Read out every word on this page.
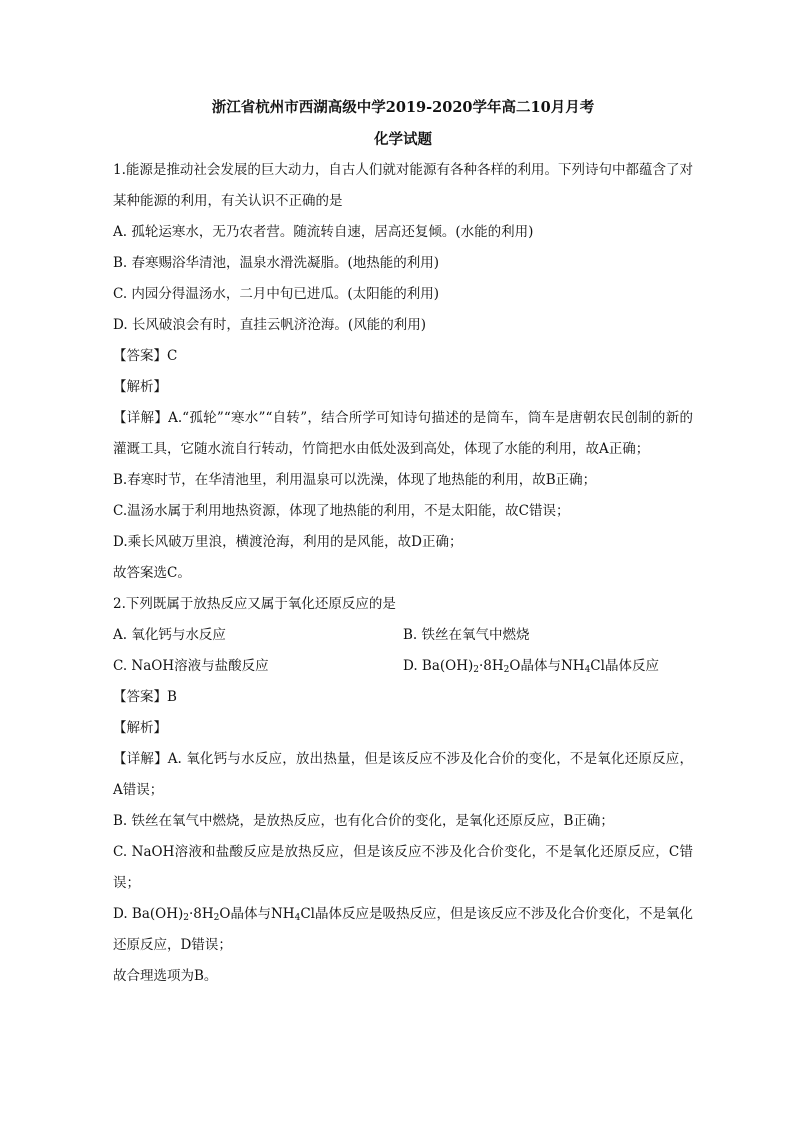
浙江省杭州市西湖高级中学2019-2020学年高二10月月考

化学试题

1.能源是推动社会发展的巨大动力，自古人们就对能源有各种各样的利用。下列诗句中都蕴含了对某种能源的利用，有关认识不正确的是

A. 孤轮运寒水，无乃农者营。随流转自速，居高还复倾。(水能的利用)

B. 春寒赐浴华清池，温泉水滑洗凝脂。(地热能的利用)

C. 内园分得温汤水，二月中旬已进瓜。(太阳能的利用)

D. 长风破浪会有时，直挂云帆济沧海。(风能的利用)

【答案】C

【解析】

【详解】A.“孤轮”“寒水”“自转”，结合所学可知诗句描述的是筒车，筒车是唐朝农民创制的新的灌溉工具，它随水流自行转动，竹筒把水由低处汲到高处，体现了水能的利用，故A正确；

B.春寒时节，在华清池里，利用温泉可以洗澡，体现了地热能的利用，故B正确；

C.温汤水属于利用地热资源，体现了地热能的利用，不是太阳能，故C错误；

D.乘长风破万里浪，横渡沧海，利用的是风能，故D正确；

故答案选C。

2.下列既属于放热反应又属于氧化还原反应的是

A. 氧化钙与水反应	B. 铁丝在氧气中燃烧
C. NaOH溶液与盐酸反应	D. $Ba(OH)_2\cdot 8H_2O$晶体与$NH_4Cl$晶体反应

【答案】B

【解析】

【详解】A. 氧化钙与水反应，放出热量，但是该反应不涉及化合价的变化，不是氧化还原反应，A错误；

B. 铁丝在氧气中燃烧，是放热反应，也有化合价的变化，是氧化还原反应，B正确；

C. NaOH溶液和盐酸反应是放热反应，但是该反应不涉及化合价变化，不是氧化还原反应，C错误；

D. $Ba(OH)_2\cdot 8H_2O$晶体与$NH_4Cl$晶体反应是吸热反应，但是该反应不涉及化合价变化，不是氧化还原反应，D错误；

故合理选项为B。
